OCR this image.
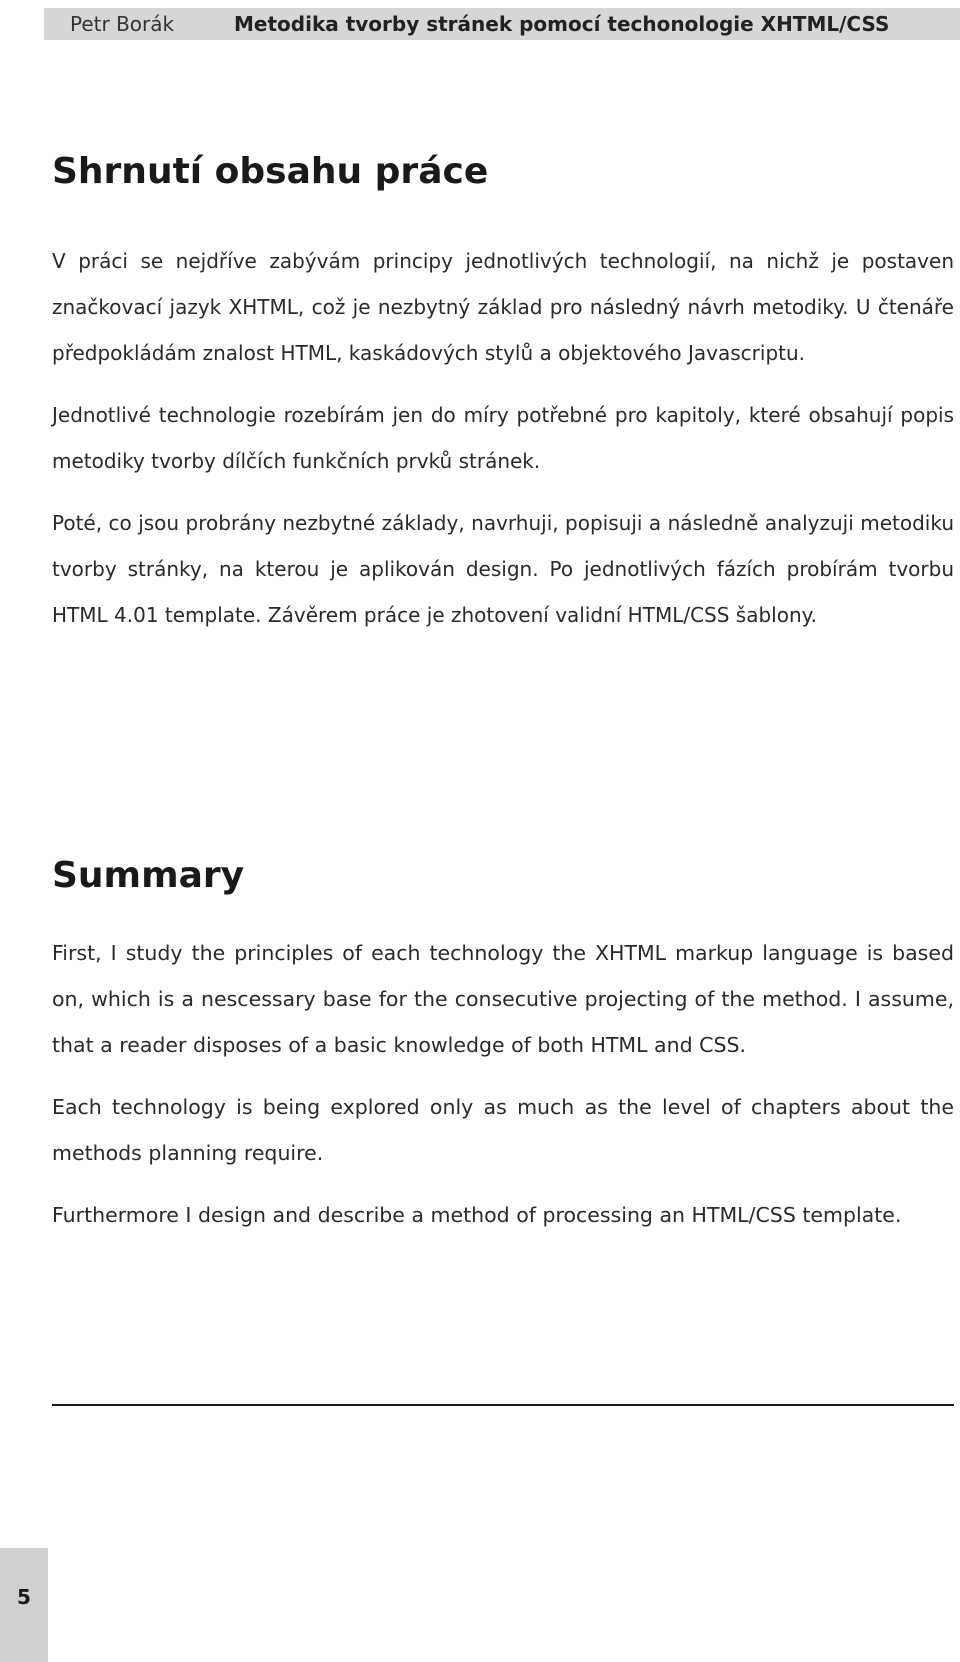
Petr Borák	Metodika tvorby stránek pomocí techonologie XHTML/CSS
Shrnutí obsahu práce

V práci se nejdříve zabývám principy jednotlivých technologií, na nichž je postaven značkovací jazyk XHTML, což je nezbytný základ pro následný návrh metodiky. U čtenáře předpokládám znalost HTML, kaskádových stylů a objektového Javascriptu.

Jednotlivé technologie rozebírám jen do míry potřebné pro kapitoly, které obsahují popis metodiky tvorby dílčích funkčních prvků stránek.

Poté, co jsou probrány nezbytné základy, navrhuji, popisuji a následně analyzuji metodiku tvorby stránky, na kterou je aplikován design. Po jednotlivých fázích probírám tvorbu HTML 4.01 template. Závěrem práce je zhotovení validní HTML/CSS šablony.

Summary

First, I study the principles of each technology the XHTML markup language is based on, which is a nescessary base for the consecutive projecting of the method. I assume, that a reader disposes of a basic knowledge of both HTML and CSS.

Each technology is being explored only as much as the level of chapters about the methods planning require.

Furthermore I design and describe a method of processing an HTML/CSS template.

5
